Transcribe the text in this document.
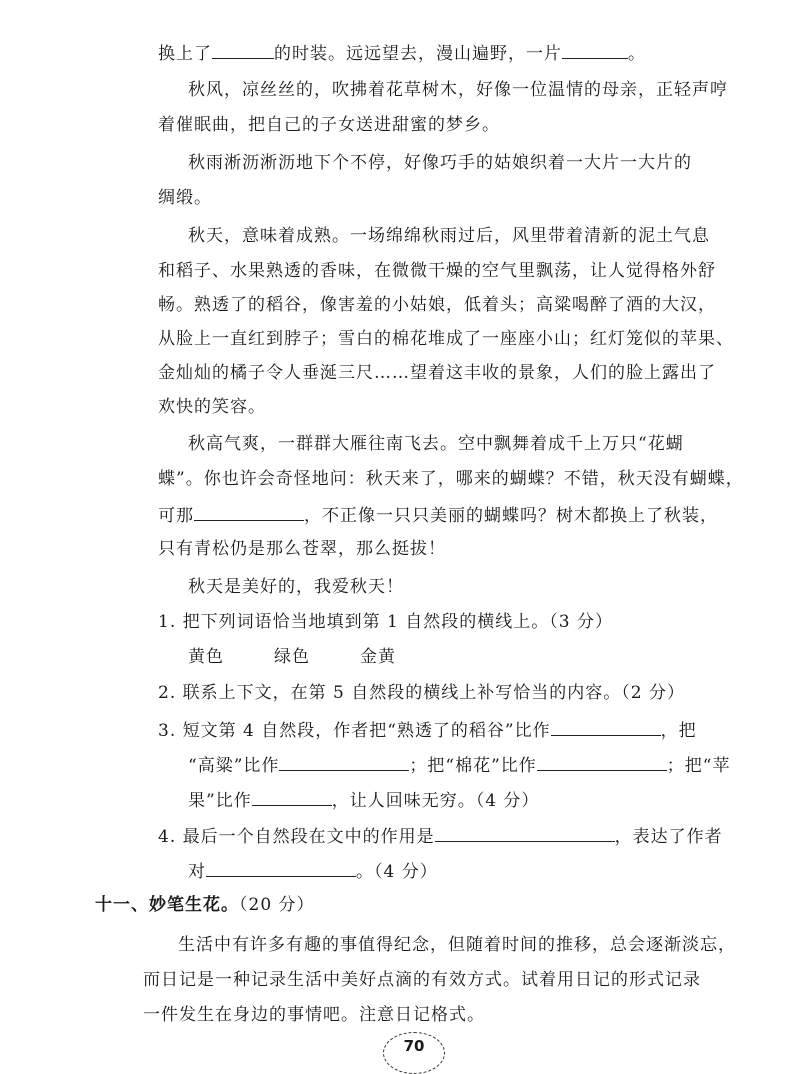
换上了	的时装。远远望去，漫山遍野，一片	。
秋风，凉丝丝的，吹拂着花草树木，好像一位温情的母亲，正轻声哼
着催眠曲，把自己的子女送进甜蜜的梦乡。
秋雨淅沥淅沥地下个不停，好像巧手的姑娘织着一大片一大片的
绸缎。
秋天，意味着成熟。一场绵绵秋雨过后，风里带着清新的泥土气息
和稻子、水果熟透的香味，在微微干燥的空气里飘荡，让人觉得格外舒
畅。熟透了的稻谷，像害羞的小姑娘，低着头；高粱喝醉了酒的大汉，
从脸上一直红到脖子；雪白的棉花堆成了一座座小山；红灯笼似的苹果、
金灿灿的橘子令人垂涎三尺……望着这丰收的景象，人们的脸上露出了
欢快的笑容。
秋高气爽，一群群大雁往南飞去。空中飘舞着成千上万只“花蝴
蝶”。你也许会奇怪地问：秋天来了，哪来的蝴蝶？不错，秋天没有蝴蝶，
可那	，不正像一只只美丽的蝴蝶吗？树木都换上了秋装，
只有青松仍是那么苍翠，那么挺拔！
秋天是美好的，我爱秋天！
1. 把下列词语恰当地填到第 1 自然段的横线上。（3 分）
黄色	绿色	金黄
2. 联系上下文，在第 5 自然段的横线上补写恰当的内容。（2 分）
3. 短文第 4 自然段，作者把“熟透了的稻谷”比作	，把
“高粱”比作	；把“棉花”比作	；把“苹
果”比作	，让人回味无穷。（4 分）
4. 最后一个自然段在文中的作用是	，表达了作者
对	。（4 分）
十一、妙笔生花。（20 分）
生活中有许多有趣的事值得纪念，但随着时间的推移，总会逐渐淡忘，
而日记是一种记录生活中美好点滴的有效方式。试着用日记的形式记录
一件发生在身边的事情吧。注意日记格式。
70
